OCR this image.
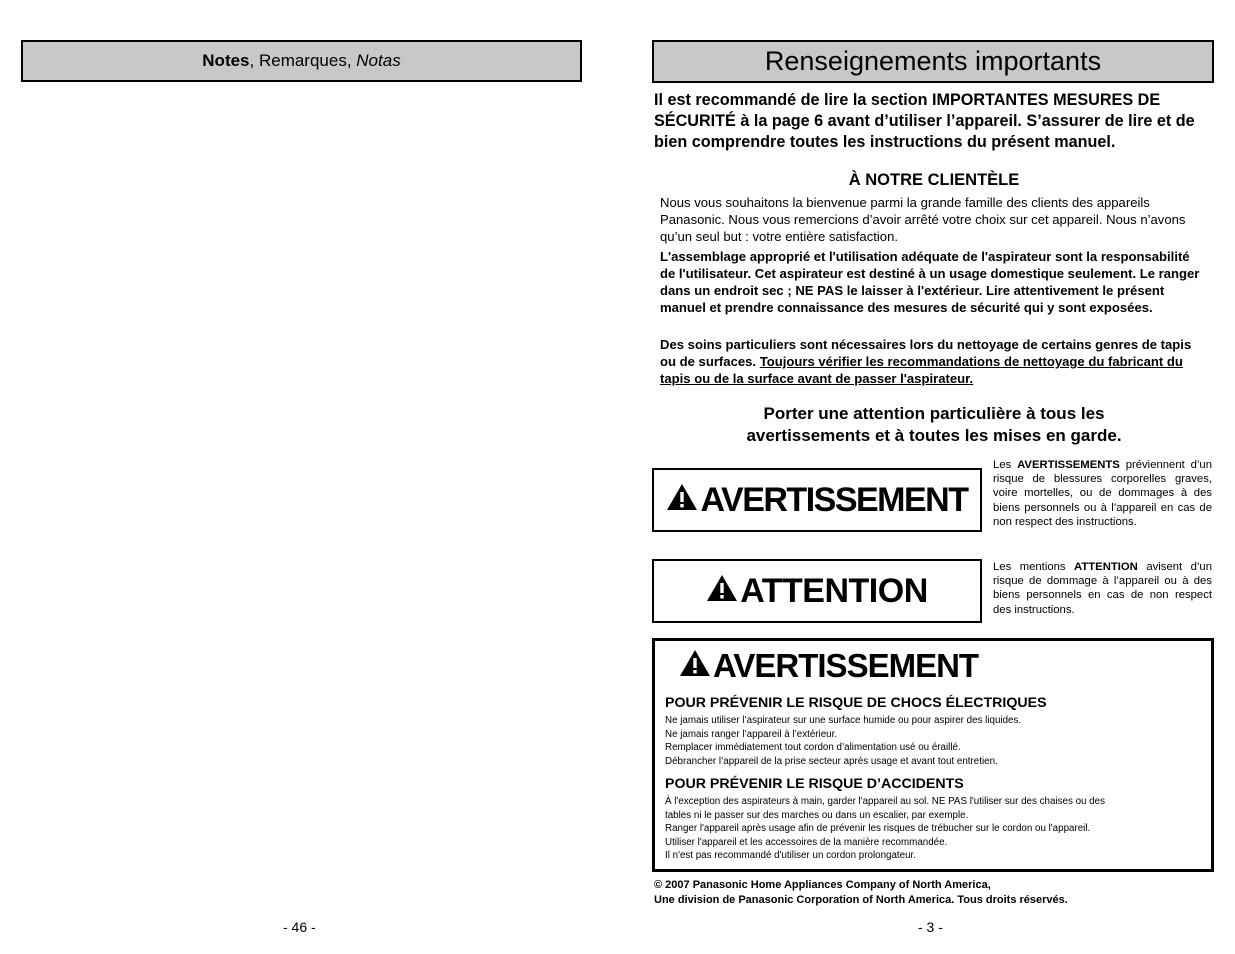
Notes, Remarques, Notas
- 46 -
Renseignements importants
Il est recommandé de lire la section IMPORTANTES MESURES DE SÉCURITÉ à la page 6 avant d’utiliser l’appareil. S’assurer de lire et de bien comprendre toutes les instructions du présent manuel.
À NOTRE CLIENTÈLE
Nous vous souhaitons la bienvenue parmi la grande famille des clients des appareils Panasonic. Nous vous remercions d’avoir arrêté votre choix sur cet appareil. Nous n’avons qu’un seul but : votre entière satisfaction.
L'assemblage approprié et l'utilisation adéquate de l'aspirateur sont la responsabilité de l'utilisateur. Cet aspirateur est destiné à un usage domestique seulement. Le ranger dans un endroit sec ; NE PAS le laisser à l'extérieur. Lire attentivement le présent manuel et prendre connaissance des mesures de sécurité qui y sont exposées.
Des soins particuliers sont nécessaires lors du nettoyage de certains genres de tapis ou de surfaces. Toujours vérifier les recommandations de nettoyage du fabricant du tapis ou de la surface avant de passer l'aspirateur.
Porter une attention particulière à tous les
avertissements et à toutes les mises en garde.
AVERTISSEMENT
Les AVERTISSEMENTS préviennent d’un risque de blessures corporelles graves, voire mortelles, ou de dommages à des biens personnels ou à l’appareil en cas de non respect des instructions.
ATTENTION
Les mentions ATTENTION avisent d’un risque de dommage à l’appareil ou à des biens personnels en cas de non respect des instructions.
AVERTISSEMENT
POUR PRÉVENIR LE RISQUE DE CHOCS ÉLECTRIQUES
Ne jamais utiliser l’aspirateur sur une surface humide ou pour aspirer des liquides.
Ne jamais ranger l’appareil à l’extérieur.
Remplacer immédiatement tout cordon d’alimentation usé ou éraillé.
Débrancher l’appareil de la prise secteur après usage et avant tout entretien.
POUR PRÉVENIR LE RISQUE D’ACCIDENTS
À l'exception des aspirateurs à main, garder l'appareil au sol. NE PAS l'utiliser sur des chaises ou des
tables ni le passer sur des marches ou dans un escalier, par exemple.
Ranger l'appareil après usage afin de prévenir les risques de trébucher sur le cordon ou l'appareil.
Utiliser l'appareil et les accessoires de la manière recommandée.
Il n'est pas recommandé d'utiliser un cordon prolongateur.
© 2007 Panasonic Home Appliances Company of North America,
Une division de Panasonic Corporation of North America. Tous droits réservés.
- 3 -
